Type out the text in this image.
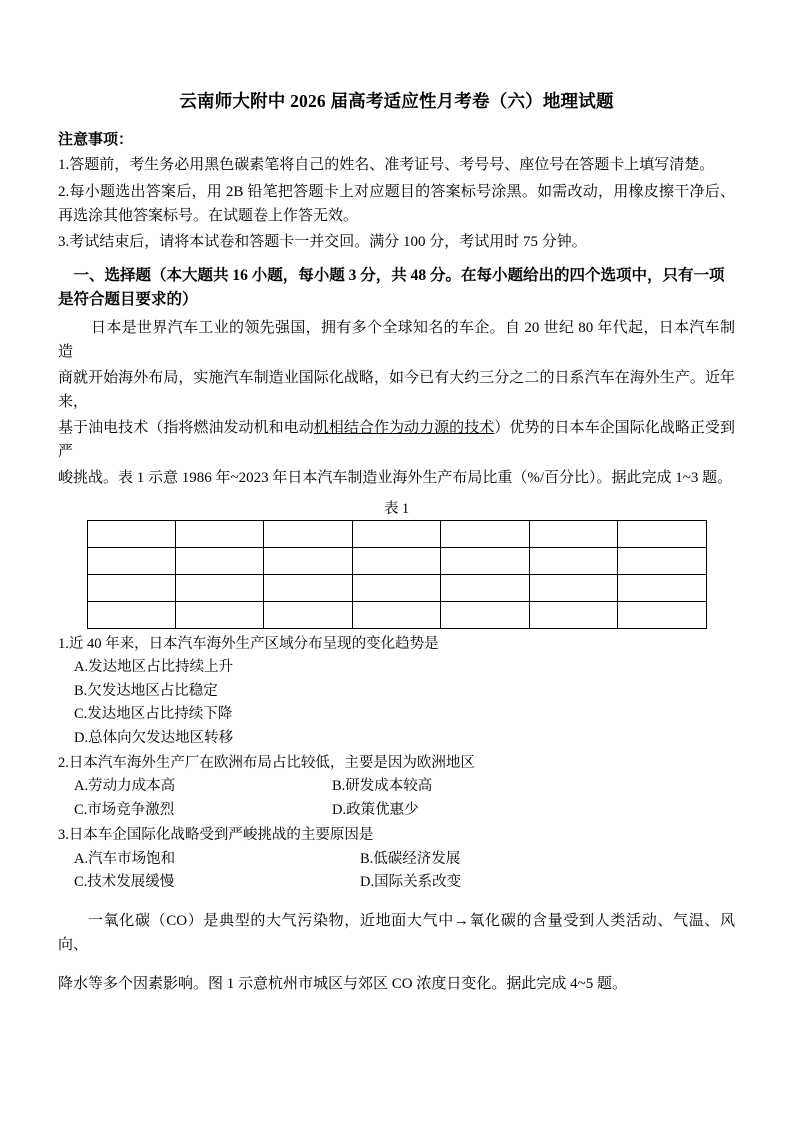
云南师大附中 2026 届高考适应性月考卷（六）地理试题
注意事项：

1.答题前，考生务必用黑色碳素笔将自己的姓名、准考证号、考号号、座位号在答题卡上填写清楚。

2.每小题选出答案后，用 2B 铅笔把答题卡上对应题目的答案标号涂黑。如需改动，用橡皮擦干净后、再选涂其他答案标号。在试题卷上作答无效。

3.考试结束后，请将本试卷和答题卡一并交回。满分 100 分，考试用时 75 分钟。

一、选择题（本大题共 16 小题，每小题 3 分，共 48 分。在每小题给出的四个选项中，只有一项是符合题目要求的）

日本是世界汽车工业的领先强国，拥有多个全球知名的车企。自 20 世纪 80 年代起，日本汽车制造

商就开始海外布局，实施汽车制造业国际化战略，如今已有大约三分之二的日系汽车在海外生产。近年来，

基于油电技术（指将燃油发动机和电动机相结合作为动力源的技术）优势的日本车企国际化战略正受到严

峻挑战。表 1 示意 1986 年~2023 年日本汽车制造业海外生产布局比重（%/百分比）。据此完成 1~3 题。

表 1

1.近 40 年来，日本汽车海外生产区域分布呈现的变化趋势是

A.发达地区占比持续上升
B.欠发达地区占比稳定
C.发达地区占比持续下降
D.总体向欠发达地区转移

2.日本汽车海外生产厂在欧洲布局占比较低，主要是因为欧洲地区

A.劳动力成本高	B.研发成本较高
C.市场竞争激烈	D.政策优惠少

3.日本车企国际化战略受到严峻挑战的主要原因是

A.汽车市场饱和	B.低碳经济发展
C.技术发展缓慢	D.国际关系改变

一氧化碳（CO）是典型的大气污染物，近地面大气中→氧化碳的含量受到人类活动、气温、风向、

降水等多个因素影响。图 1 示意杭州市城区与郊区 CO 浓度日变化。据此完成 4~5 题。
